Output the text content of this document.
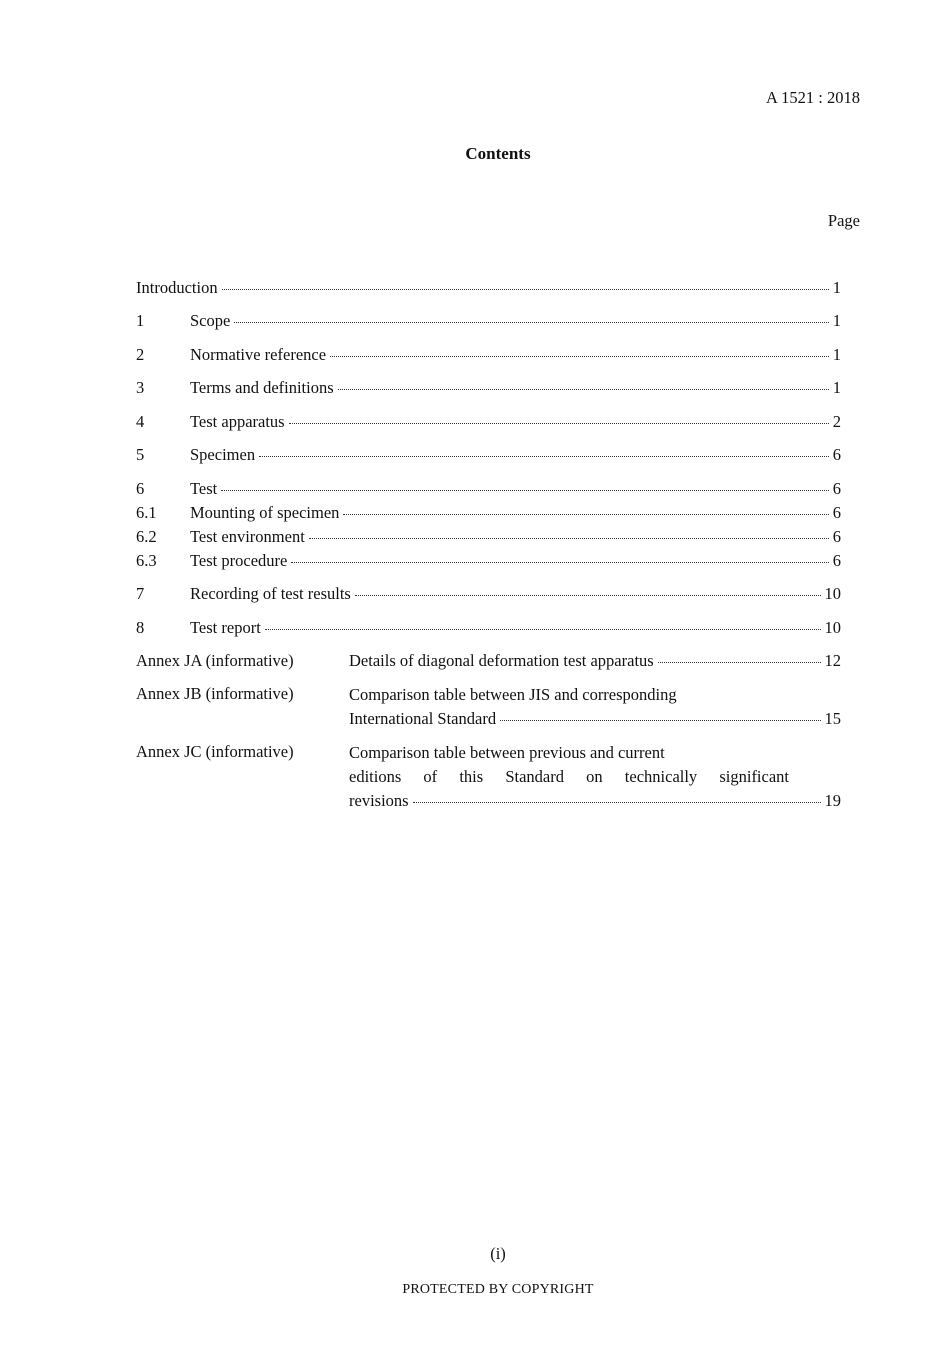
A 1521 : 2018
Contents
Page
Introduction	1
1	Scope	1
2	Normative reference	1
3	Terms and definitions	1
4	Test apparatus	2
5	Specimen	6
6	Test	6
6.1	Mounting of specimen	6
6.2	Test environment	6
6.3	Test procedure	6
7	Recording of test results	10
8	Test report	10
Annex JA (informative)	Details of diagonal deformation test apparatus	12
Annex JB (informative)	Comparison table between JIS and corresponding
International Standard	15
Annex JC (informative)	Comparison table between previous and current
editions of this Standard on technically significant
revisions	19
(i)
PROTECTED BY COPYRIGHT
